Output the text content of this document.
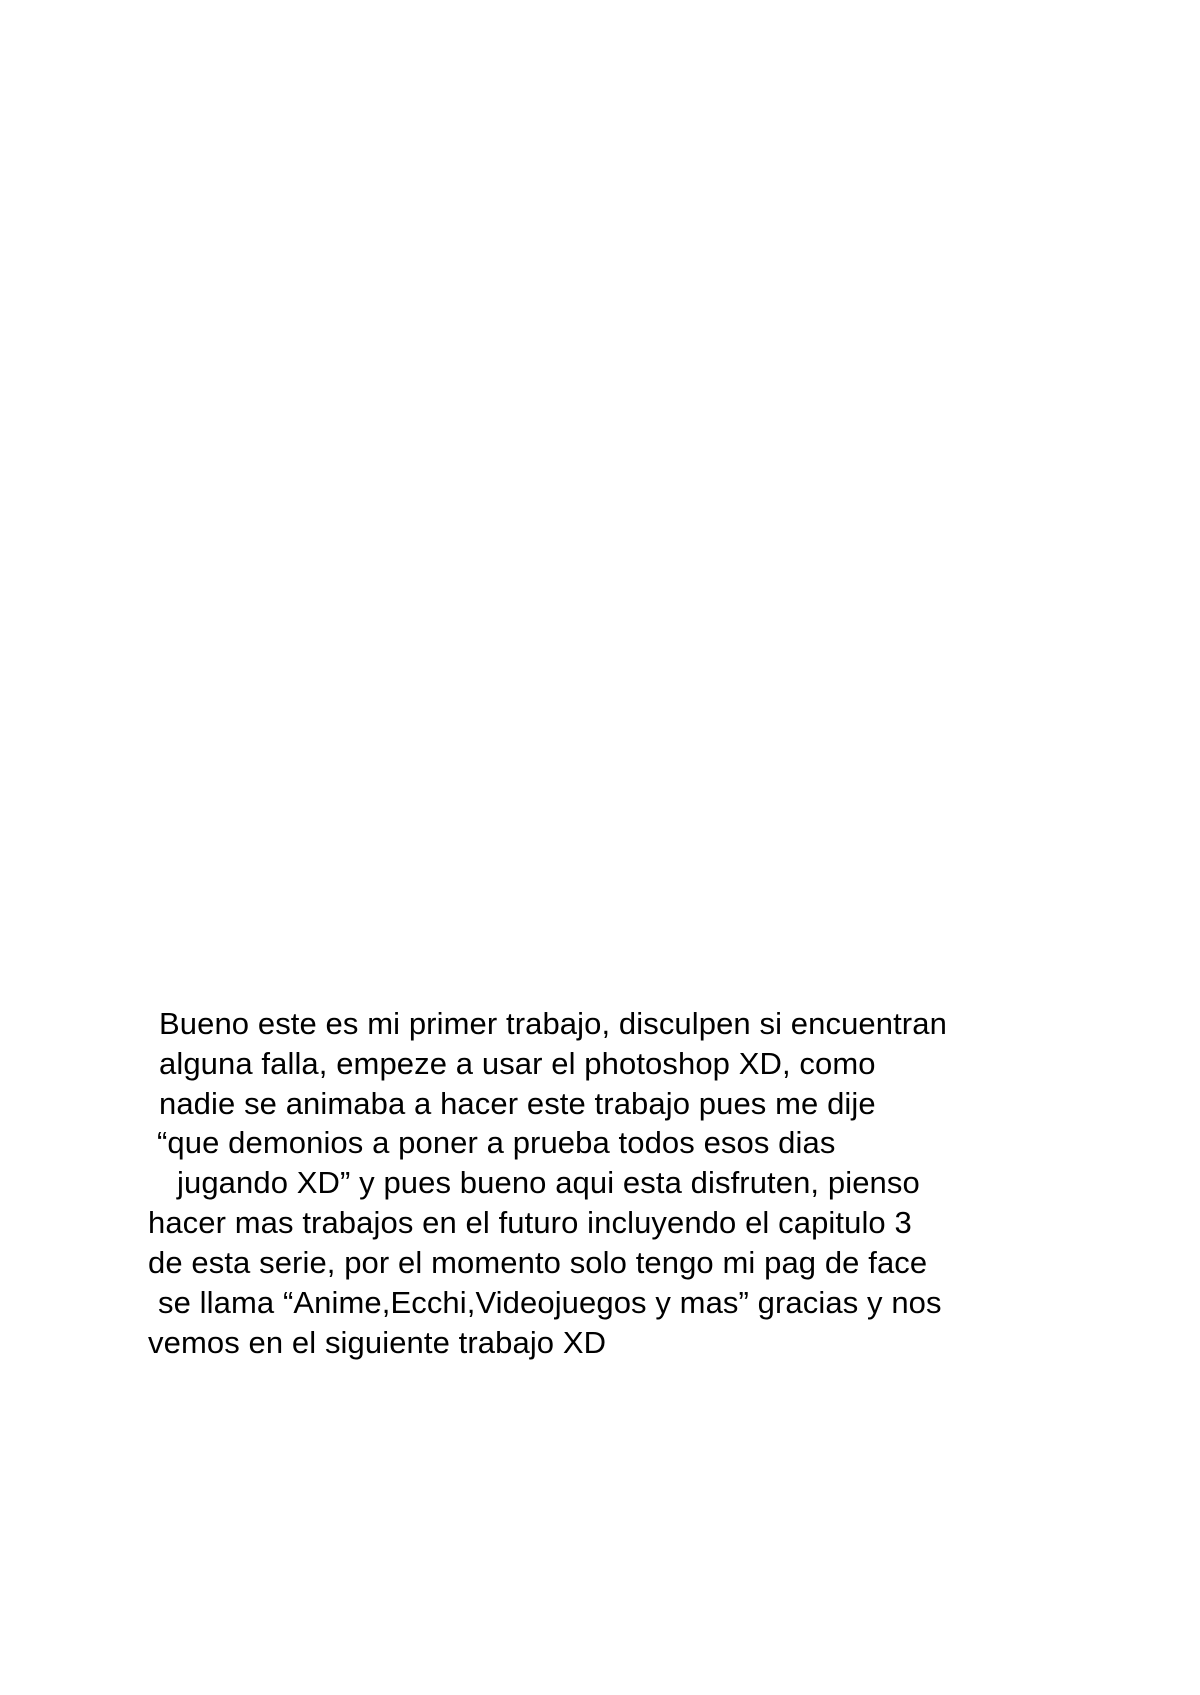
Bueno este es mi primer trabajo, disculpen si encuentran
alguna falla, empeze a usar el photoshop XD, como
nadie se animaba a hacer este trabajo pues me dije
“que demonios a poner a prueba todos esos dias
jugando XD” y pues bueno aqui esta disfruten, pienso
hacer mas trabajos en el futuro incluyendo el capitulo 3
de esta serie, por el momento solo tengo mi pag de face
se llama “Anime,Ecchi,Videojuegos y mas” gracias y nos
vemos en el siguiente trabajo XD
